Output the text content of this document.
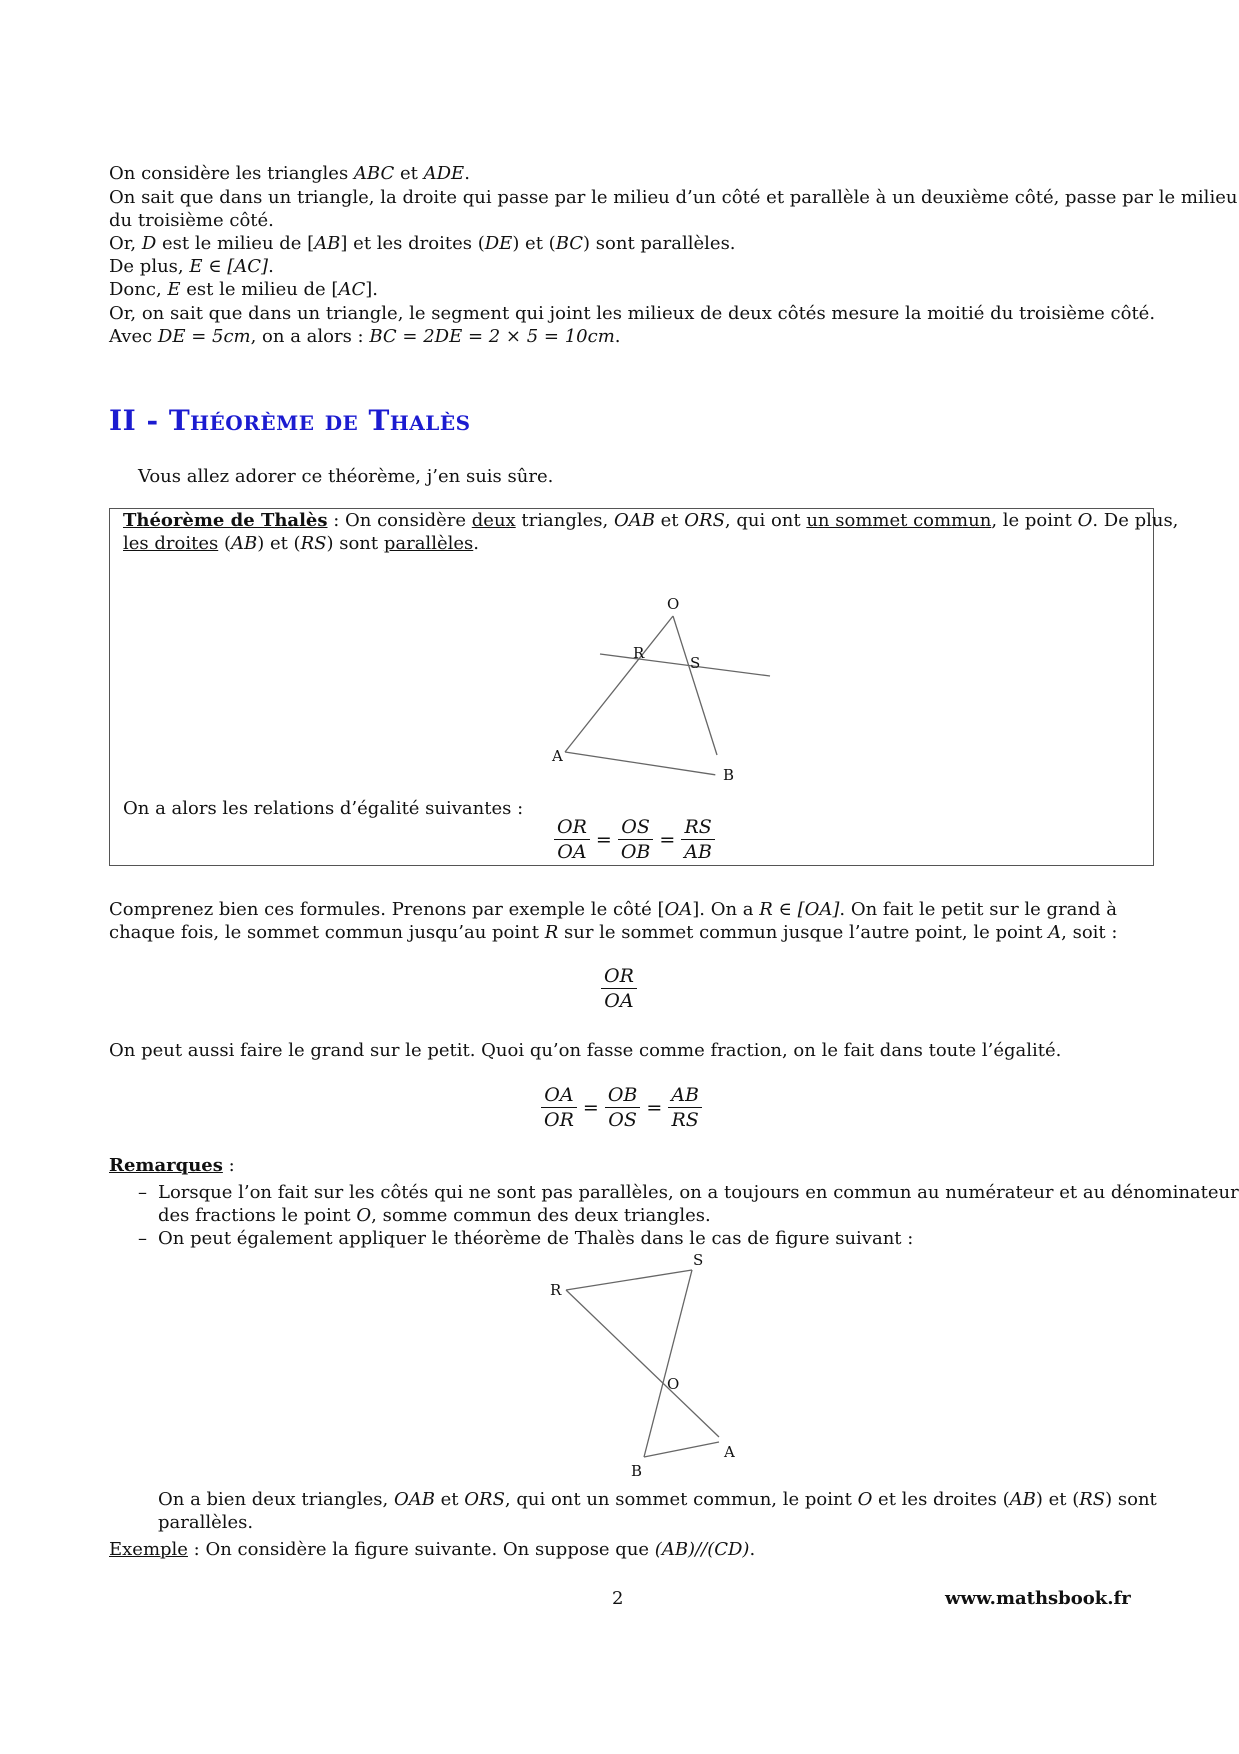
On considère les triangles ABC et ADE.
On sait que dans un triangle, la droite qui passe par le milieu d’un côté et parallèle à un deuxième côté, passe par le milieu
du troisième côté.
Or, D est le milieu de [AB] et les droites (DE) et (BC) sont parallèles.
De plus, E ∈ [AC].
Donc, E est le milieu de [AC].
Or, on sait que dans un triangle, le segment qui joint les milieux de deux côtés mesure la moitié du troisième côté.
Avec DE = 5cm, on a alors : BC = 2DE = 2 × 5 = 10cm.
II - Théorème de Thalès
Vous allez adorer ce théorème, j’en suis sûre.
Théorème de Thalès : On considère deux triangles, OAB et ORS, qui ont un sommet commun, le point O. De plus,
les droites (AB) et (RS) sont parallèles.
O
R
S
A
B
On a alors les relations d’égalité suivantes :
$\frac{OR}{OA} = \frac{OS}{OB} = \frac{RS}{AB}$
Comprenez bien ces formules. Prenons par exemple le côté [OA]. On a R ∈ [OA]. On fait le petit sur le grand à
chaque fois, le sommet commun jusqu’au point R sur le sommet commun jusque l’autre point, le point A, soit :
$\frac{OR}{OA}$
On peut aussi faire le grand sur le petit. Quoi qu’on fasse comme fraction, on le fait dans toute l’égalité.
$\frac{OA}{OR} = \frac{OB}{OS} = \frac{AB}{RS}$
Remarques :
– Lorsque l’on fait sur les côtés qui ne sont pas parallèles, on a toujours en commun au numérateur et au dénominateur
des fractions le point O, somme commun des deux triangles.
– On peut également appliquer le théorème de Thalès dans le cas de figure suivant :
R
S
O
A
B
On a bien deux triangles, OAB et ORS, qui ont un sommet commun, le point O et les droites (AB) et (RS) sont
parallèles.
Exemple : On considère la figure suivante. On suppose que (AB)//(CD).
2	www.mathsbook.fr
